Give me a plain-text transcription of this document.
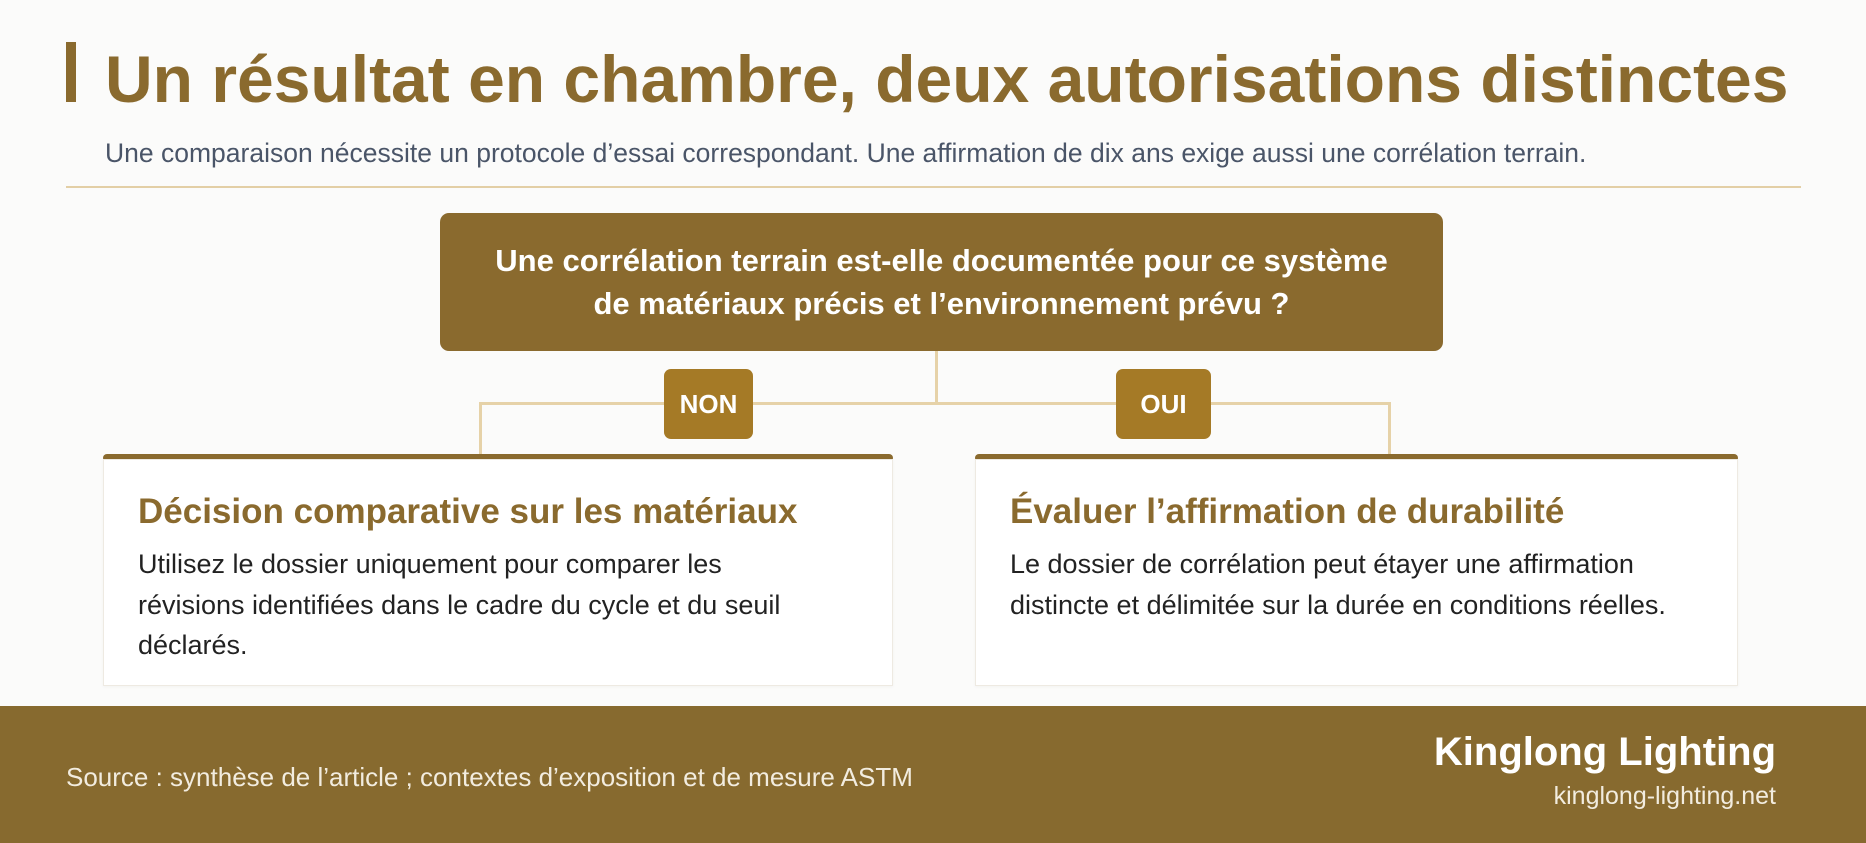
Un résultat en chambre, deux autorisations distinctes

Une comparaison nécessite un protocole d’essai correspondant. Une affirmation de dix ans exige aussi une corrélation terrain.

Une corrélation terrain est-elle documentée pour ce système de matériaux précis et l’environnement prévu ?
NON	OUI
Décision comparative sur les matériaux
Utilisez le dossier uniquement pour comparer les révisions identifiées dans le cadre du cycle et du seuil déclarés.
Évaluer l’affirmation de durabilité
Le dossier de corrélation peut étayer une affirmation distincte et délimitée sur la durée en conditions réelles.
Source : synthèse de l’article ; contextes d’exposition et de mesure ASTM
Kinglong Lighting
kinglong-lighting.net
